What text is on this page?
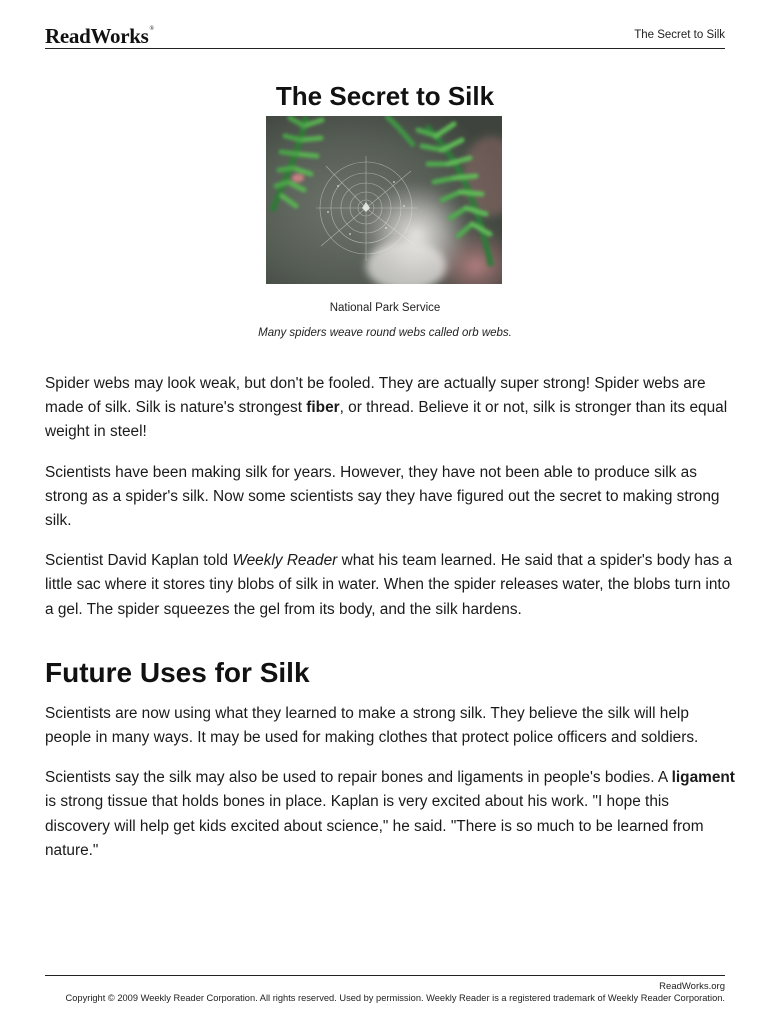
ReadWorks®	The Secret to Silk
The Secret to Silk
National Park Service
Many spiders weave round webs called orb webs.

Spider webs may look weak, but don't be fooled. They are actually super strong! Spider webs are made of silk. Silk is nature's strongest fiber, or thread. Believe it or not, silk is stronger than its equal weight in steel!

Scientists have been making silk for years. However, they have not been able to produce silk as strong as a spider's silk. Now some scientists say they have figured out the secret to making strong silk.

Scientist David Kaplan told Weekly Reader what his team learned. He said that a spider's body has a little sac where it stores tiny blobs of silk in water. When the spider releases water, the blobs turn into a gel. The spider squeezes the gel from its body, and the silk hardens.

Future Uses for Silk

Scientists are now using what they learned to make a strong silk. They believe the silk will help people in many ways. It may be used for making clothes that protect police officers and soldiers.

Scientists say the silk may also be used to repair bones and ligaments in people's bodies. A ligament is strong tissue that holds bones in place. Kaplan is very excited about his work. "I hope this discovery will help get kids excited about science," he said. "There is so much to be learned from nature."

ReadWorks.org
Copyright © 2009 Weekly Reader Corporation. All rights reserved. Used by permission. Weekly Reader is a registered trademark of Weekly Reader Corporation.
